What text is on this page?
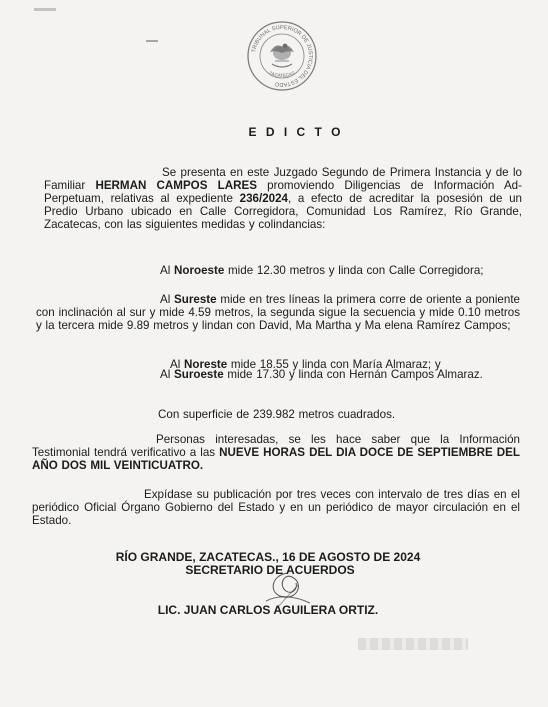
TRIBUNAL SUPERIOR DE JUSTICIA DEL ESTADO
ZACATECAS
E D I C T O
Se presenta en este Juzgado Segundo de Primera Instancia y de lo Familiar HERMAN CAMPOS LARES promoviendo Diligencias de Información Ad-Perpetuam, relativas al expediente 236/2024, a efecto de acreditar la posesión de un Predio Urbano ubicado en Calle Corregidora, Comunidad Los Ramírez, Río Grande, Zacatecas, con las siguientes medidas y colindancias:
Al Noroeste mide 12.30 metros y linda con Calle Corregidora;
Al Sureste mide en tres líneas la primera corre de oriente a poniente con inclinación al sur y mide 4.59 metros, la segunda sigue la secuencia y mide 0.10 metros y la tercera mide 9.89 metros y lindan con David, Ma Martha y Ma elena Ramírez Campos;
Al Noreste mide 18.55 y linda con María Almaraz; y
Al Suroeste mide 17.30 y linda con Hernán Campos Almaraz.
Con superficie de 239.982 metros cuadrados.
Personas interesadas, se les hace saber que la Información Testimonial tendrá verificativo a las NUEVE HORAS DEL DIA DOCE DE SEPTIEMBRE DEL AÑO DOS MIL VEINTICUATRO.
Expídase su publicación por tres veces con intervalo de tres días en el periódico Oficial Órgano Gobierno del Estado y en un periódico de mayor circulación en el Estado.
RÍO GRANDE, ZACATECAS., 16 DE AGOSTO DE 2024
SECRETARIO DE ACUERDOS
LIC. JUAN CARLOS AGUILERA ORTIZ.
